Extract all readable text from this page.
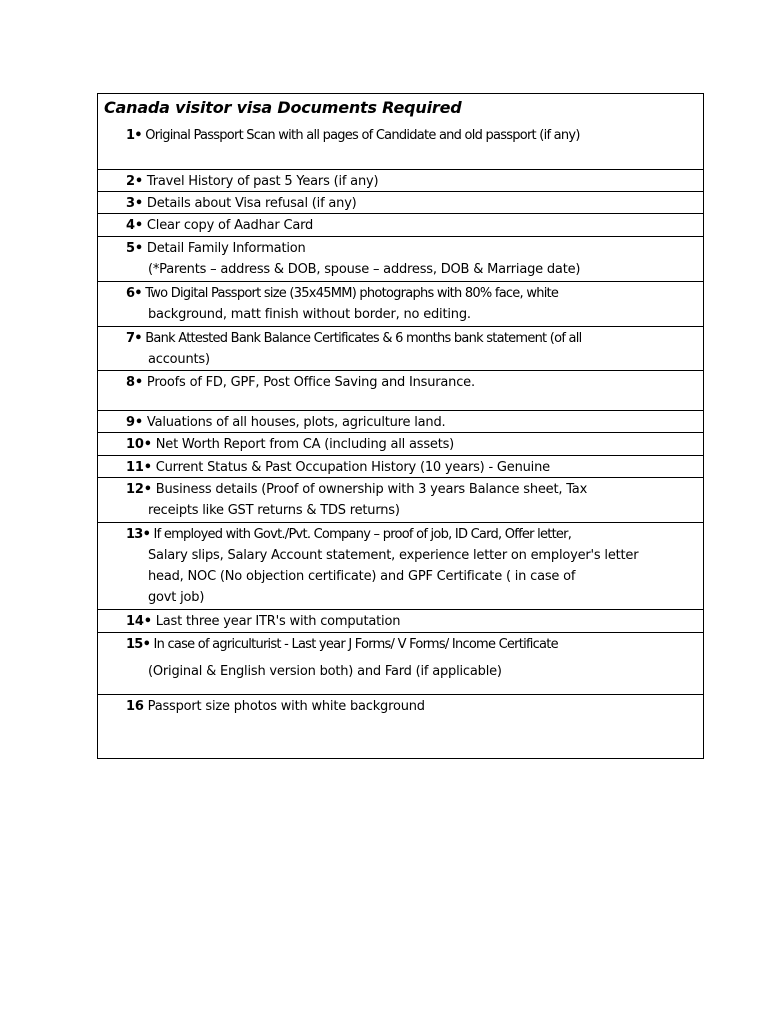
Canada visitor visa Documents Required
1• Original Passport Scan with all pages of Candidate and old passport (if any)
2• Travel History of past 5 Years (if any)
3• Details about Visa refusal (if any)
4• Clear copy of Aadhar Card
5• Detail Family Information
(*Parents – address & DOB, spouse – address, DOB & Marriage date)
6• Two Digital Passport size (35x45MM) photographs with 80% face, white
background, matt finish without border, no editing.
7• Bank Attested Bank Balance Certificates & 6 months bank statement (of all
accounts)
8• Proofs of FD, GPF, Post Office Saving and Insurance.
9• Valuations of all houses, plots, agriculture land.
10• Net Worth Report from CA (including all assets)
11• Current Status & Past Occupation History (10 years) - Genuine
12• Business details (Proof of ownership with 3 years Balance sheet, Tax
receipts like GST returns & TDS returns)
13• If employed with Govt./Pvt. Company – proof of job, ID Card, Offer letter,
Salary slips, Salary Account statement, experience letter on employer's letter
head, NOC (No objection certificate) and GPF Certificate ( in case of
govt job)
14• Last three year ITR's with computation
15• In case of agriculturist - Last year J Forms/ V Forms/ Income Certificate
(Original & English version both) and Fard (if applicable)
16 Passport size photos with white background
